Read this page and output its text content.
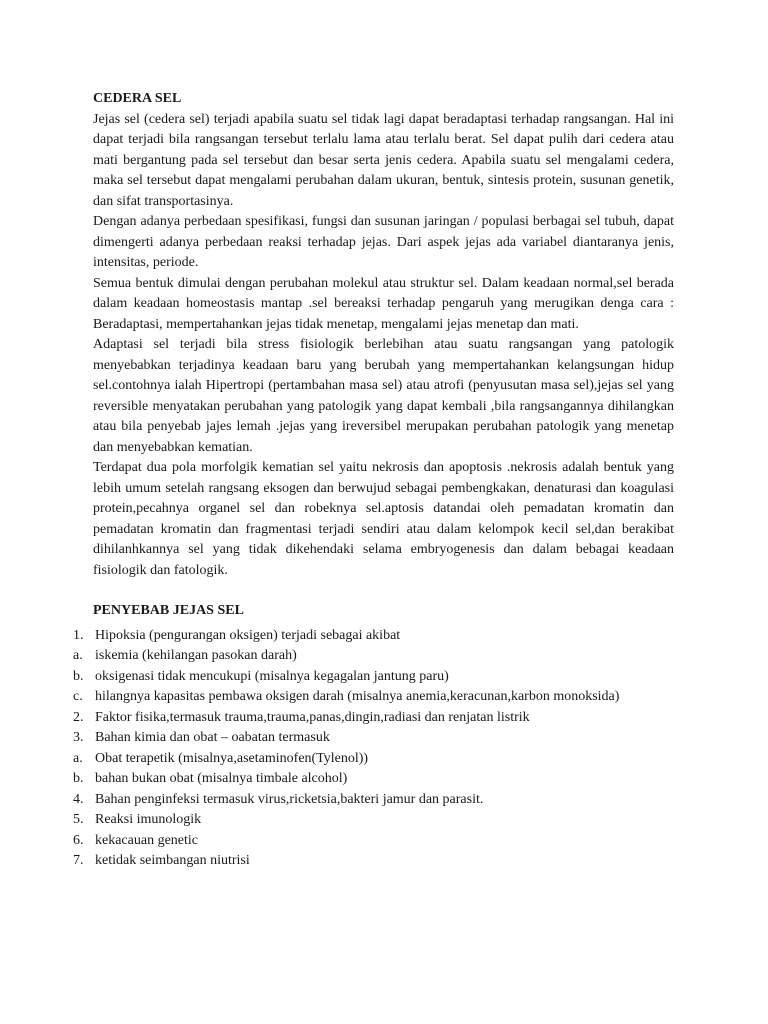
CEDERA SEL

Jejas sel (cedera sel) terjadi apabila suatu sel tidak lagi dapat beradaptasi terhadap rangsangan. Hal ini dapat terjadi bila rangsangan tersebut terlalu lama atau terlalu berat. Sel dapat pulih dari cedera atau mati bergantung pada sel tersebut dan besar serta jenis cedera. Apabila suatu sel mengalami cedera, maka sel tersebut dapat mengalami perubahan dalam ukuran, bentuk, sintesis protein, susunan genetik, dan sifat transportasinya.

Dengan adanya perbedaan spesifikasi, fungsi dan susunan jaringan / populasi berbagai sel tubuh, dapat dimengerti adanya perbedaan reaksi terhadap jejas. Dari aspek jejas ada variabel diantaranya jenis, intensitas, periode.

Semua bentuk dimulai dengan perubahan molekul atau struktur sel. Dalam keadaan normal,sel berada dalam keadaan homeostasis mantap .sel bereaksi terhadap pengaruh yang merugikan denga cara : Beradaptasi, mempertahankan jejas tidak menetap, mengalami jejas menetap dan mati.

Adaptasi sel terjadi bila stress fisiologik berlebihan atau suatu rangsangan yang patologik menyebabkan terjadinya keadaan baru yang berubah yang mempertahankan kelangsungan hidup sel.contohnya ialah Hipertropi (pertambahan masa sel) atau atrofi (penyusutan masa sel),jejas sel yang reversible menyatakan perubahan yang patologik yang dapat kembali ,bila rangsangannya dihilangkan atau bila penyebab jajes lemah .jejas yang ireversibel merupakan perubahan patologik yang menetap dan menyebabkan kematian.

Terdapat dua pola morfolgik kematian sel yaitu nekrosis dan apoptosis .nekrosis adalah bentuk yang lebih umum setelah rangsang eksogen dan berwujud sebagai pembengkakan, denaturasi dan koagulasi protein,pecahnya organel sel dan robeknya sel.aptosis datandai oleh pemadatan kromatin dan pemadatan kromatin dan fragmentasi terjadi sendiri atau dalam kelompok kecil sel,dan berakibat dihilanhkannya sel yang tidak dikehendaki selama embryogenesis dan dalam bebagai keadaan fisiologik dan fatologik.

PENYEBAB JEJAS SEL

1. Hipoksia (pengurangan oksigen) terjadi sebagai akibat
a. iskemia (kehilangan pasokan darah)
b. oksigenasi tidak mencukupi (misalnya kegagalan jantung paru)
c. hilangnya kapasitas pembawa oksigen darah (misalnya anemia,keracunan,karbon monoksida)
2. Faktor fisika,termasuk trauma,trauma,panas,dingin,radiasi dan renjatan listrik
3. Bahan kimia dan obat – oabatan termasuk
a. Obat terapetik (misalnya,asetaminofen(Tylenol))
b. bahan bukan obat (misalnya timbale alcohol)
4. Bahan penginfeksi termasuk virus,ricketsia,bakteri jamur dan parasit.
5. Reaksi imunologik
6. kekacauan genetic
7. ketidak seimbangan niutrisi
